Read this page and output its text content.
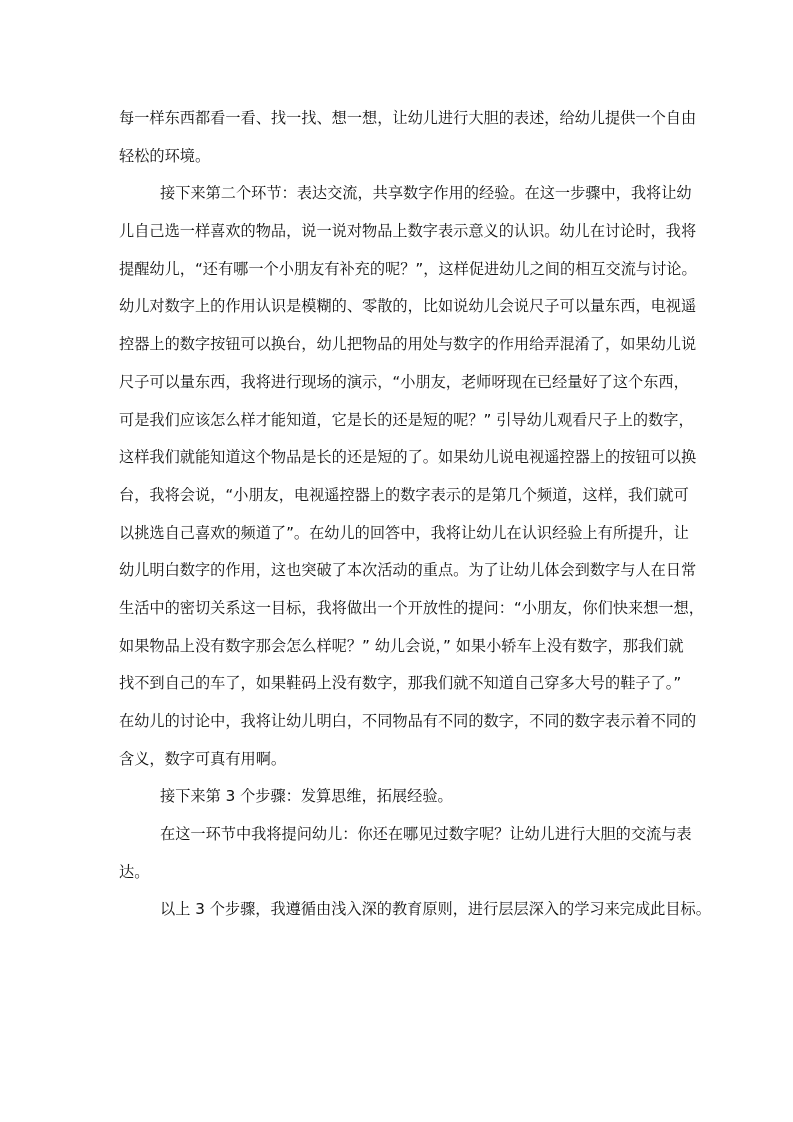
每一样东西都看一看、找一找、想一想，让幼儿进行大胆的表述，给幼儿提供一个自由
轻松的环境。
接下来第二个环节：表达交流，共享数字作用的经验。在这一步骤中，我将让幼
儿自己选一样喜欢的物品，说一说对物品上数字表示意义的认识。幼儿在讨论时，我将
提醒幼儿，“还有哪一个小朋友有补充的呢？”，这样促进幼儿之间的相互交流与讨论。
幼儿对数字上的作用认识是模糊的、零散的，比如说幼儿会说尺子可以量东西，电视遥
控器上的数字按钮可以换台，幼儿把物品的用处与数字的作用给弄混淆了，如果幼儿说
尺子可以量东西，我将进行现场的演示，“小朋友，老师呀现在已经量好了这个东西，
可是我们应该怎么样才能知道，它是长的还是短的呢？” 引导幼儿观看尺子上的数字，
这样我们就能知道这个物品是长的还是短的了。如果幼儿说电视遥控器上的按钮可以换
台，我将会说，“小朋友，电视遥控器上的数字表示的是第几个频道，这样，我们就可
以挑选自己喜欢的频道了”。在幼儿的回答中，我将让幼儿在认识经验上有所提升，让
幼儿明白数字的作用，这也突破了本次活动的重点。为了让幼儿体会到数字与人在日常
生活中的密切关系这一目标，我将做出一个开放性的提问：“小朋友，你们快来想一想，
如果物品上没有数字那会怎么样呢？” 幼儿会说，” 如果小轿车上没有数字，那我们就
找不到自己的车了，如果鞋码上没有数字，那我们就不知道自己穿多大号的鞋子了。”
在幼儿的讨论中，我将让幼儿明白，不同物品有不同的数字，不同的数字表示着不同的
含义，数字可真有用啊。
接下来第 3 个步骤：发算思维，拓展经验。
在这一环节中我将提问幼儿：你还在哪见过数字呢？让幼儿进行大胆的交流与表
达。
以上 3 个步骤，我遵循由浅入深的教育原则，进行层层深入的学习来完成此目标。
